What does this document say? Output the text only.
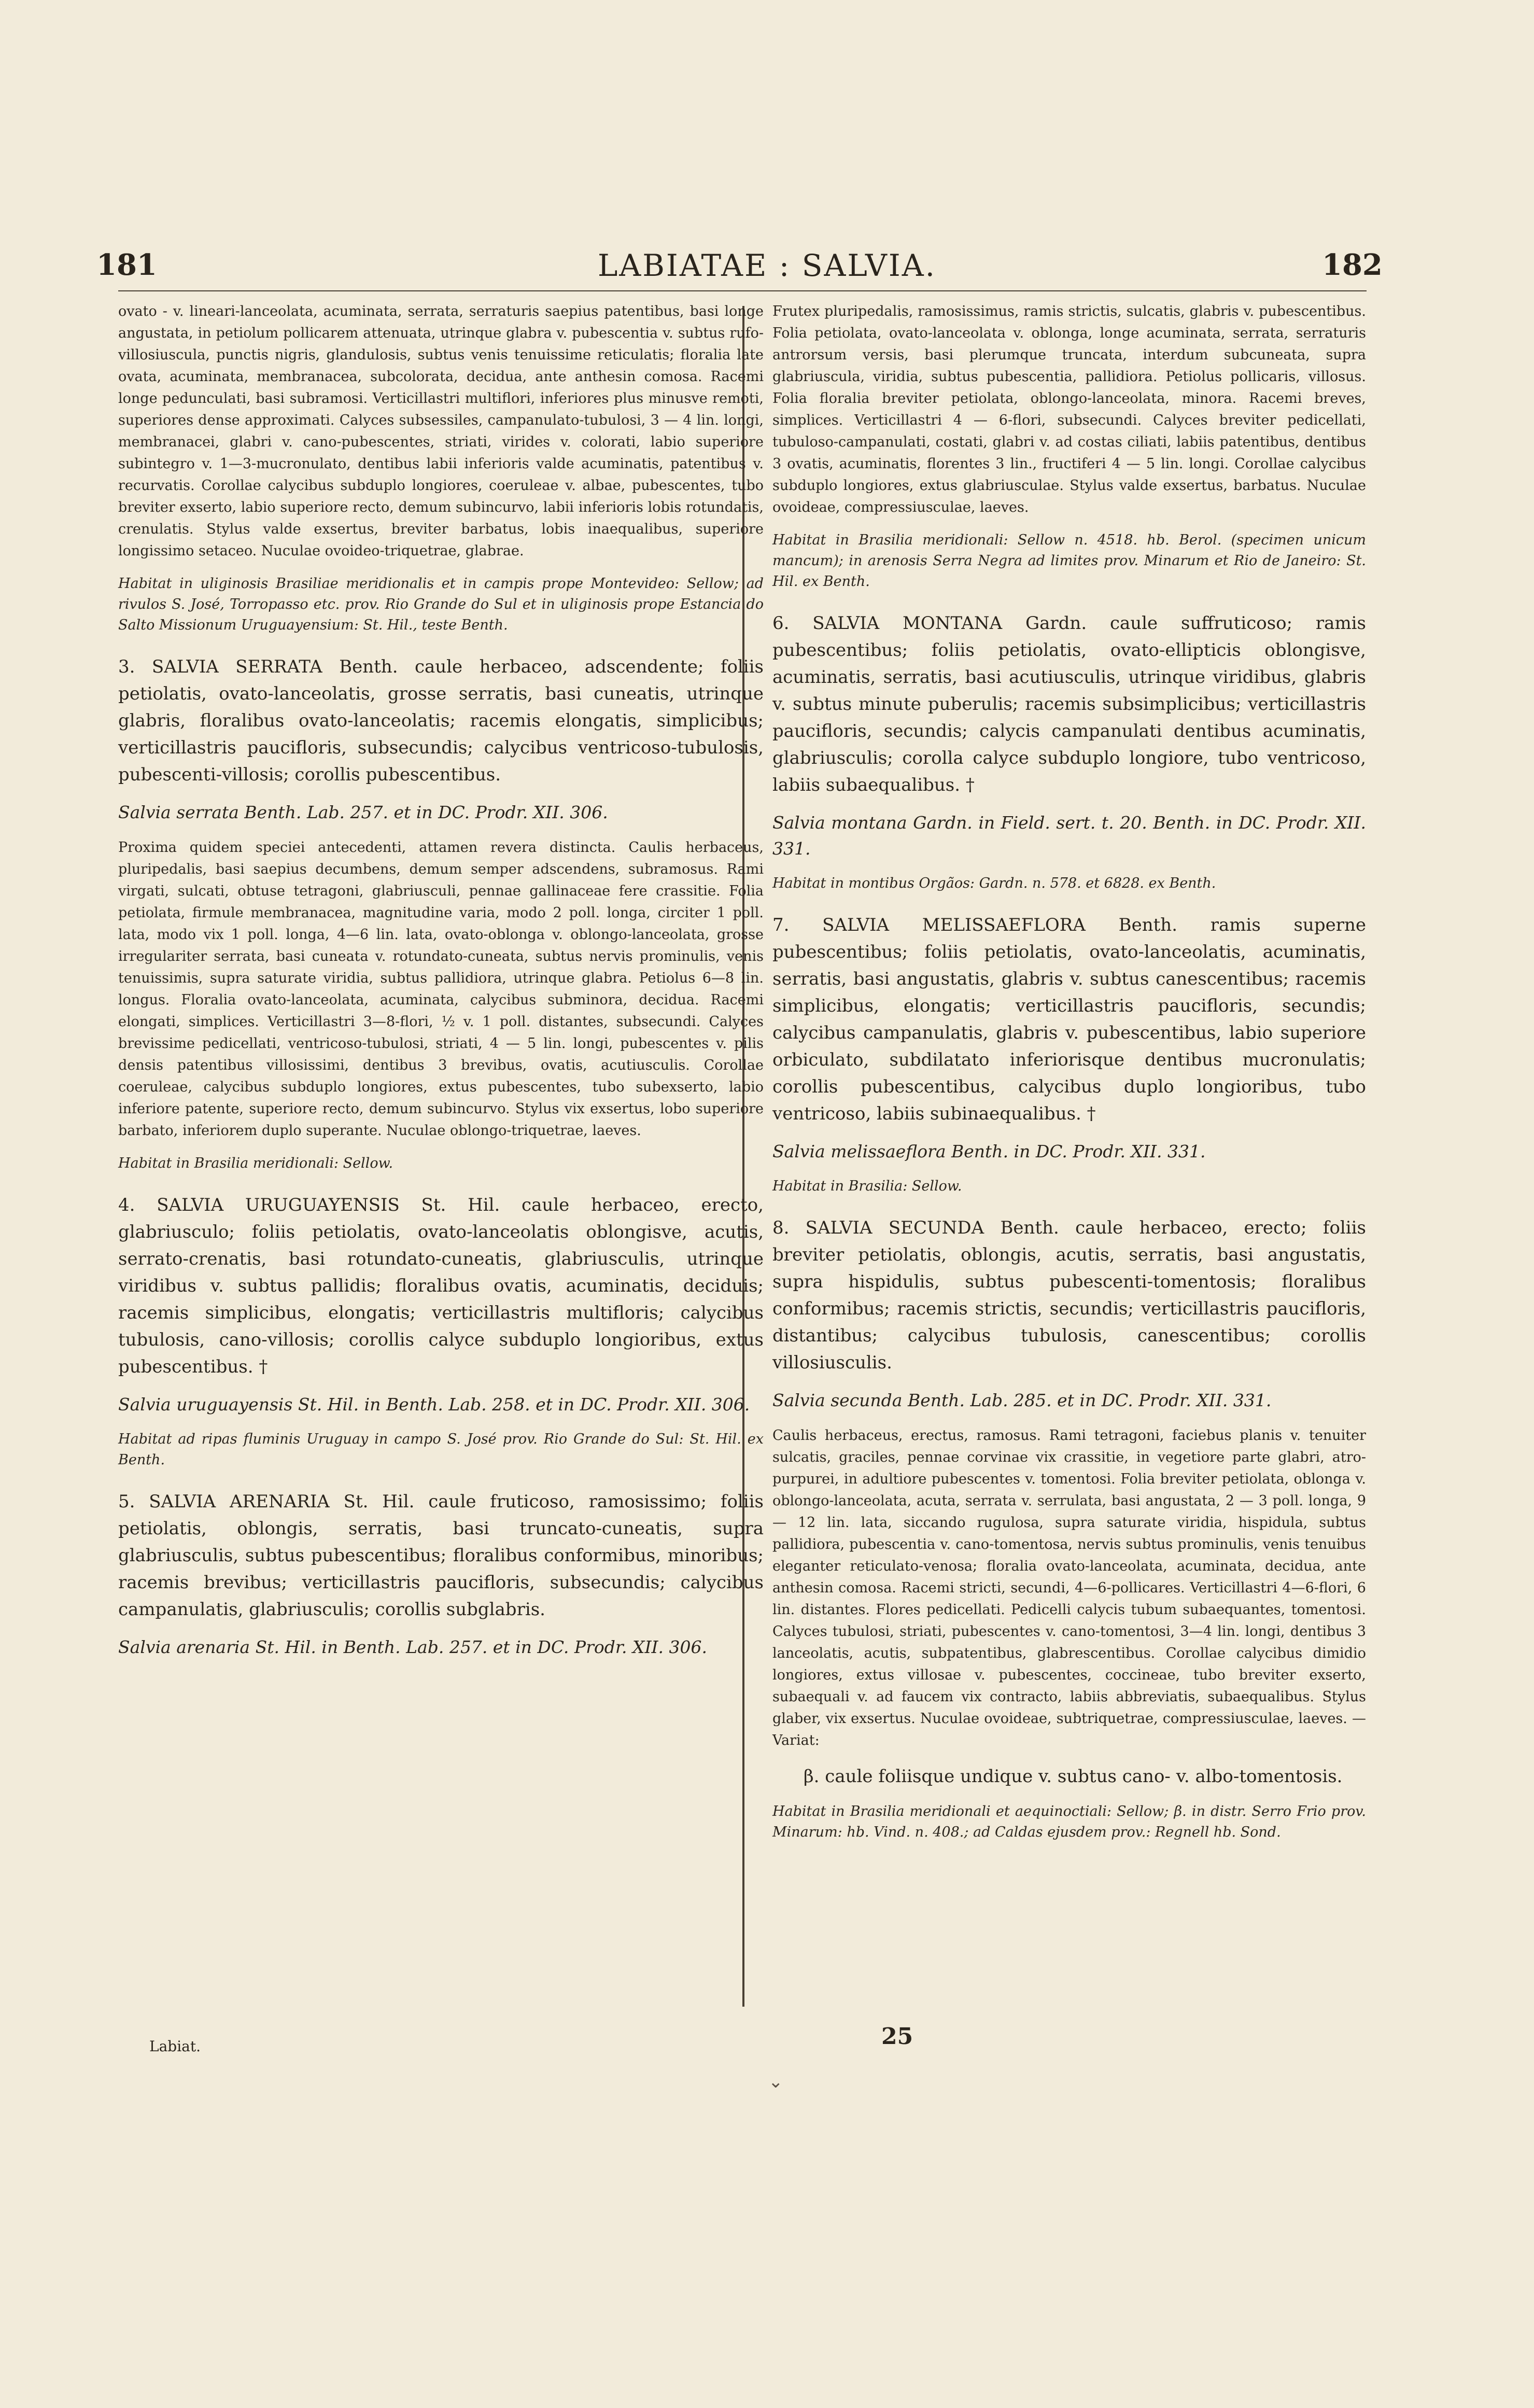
181	LABIATAE : SALVIA.	182

ovato - v. lineari-lanceolata, acuminata, serrata, serraturis saepius patentibus, basi longe angustata, in petiolum pollicarem attenuata, utrinque glabra v. pubescentia v. subtus rufo-villosiuscula, punctis nigris, glandulosis, subtus venis tenuissime reticulatis; floralia late ovata, acuminata, membranacea, subcolorata, decidua, ante anthesin comosa. Racemi longe pedunculati, basi subramosi. Verticillastri multiflori, inferiores plus minusve remoti, superiores dense approximati. Calyces subsessiles, campanulato-tubulosi, 3 — 4 lin. longi, membranacei, glabri v. cano-pubescentes, striati, virides v. colorati, labio superiore subintegro v. 1—3-mucronulato, dentibus labii inferioris valde acuminatis, patentibus v. recurvatis. Corollae calycibus subduplo longiores, coeruleae v. albae, pubescentes, tubo breviter exserto, labio superiore recto, demum subincurvo, labii inferioris lobis rotundatis, crenulatis. Stylus valde exsertus, breviter barbatus, lobis inaequalibus, superiore longissimo setaceo. Nuculae ovoideo-triquetrae, glabrae.

Habitat in uliginosis Brasiliae meridionalis et in campis prope Montevideo: Sellow; ad rivulos S. José, Torropasso etc. prov. Rio Grande do Sul et in uliginosis prope Estancia do Salto Missionum Uruguayensium: St. Hil., teste Benth.

3. SALVIA SERRATA Benth. caule herbaceo, adscendente; foliis petiolatis, ovato-lanceolatis, grosse serratis, basi cuneatis, utrinque glabris, floralibus ovato-lanceolatis; racemis elongatis, simplicibus; verticillastris paucifloris, subsecundis; calycibus ventricoso-tubulosis, pubescenti-villosis; corollis pubescentibus.

Salvia serrata Benth. Lab. 257. et in DC. Prodr. XII. 306.

Proxima quidem speciei antecedenti, attamen revera distincta. Caulis herbaceus, pluripedalis, basi saepius decumbens, demum semper adscendens, subramosus. Rami virgati, sulcati, obtuse tetragoni, glabriusculi, pennae gallinaceae fere crassitie. Folia petiolata, firmule membranacea, magnitudine varia, modo 2 poll. longa, circiter 1 poll. lata, modo vix 1 poll. longa, 4—6 lin. lata, ovato-oblonga v. oblongo-lanceolata, grosse irregulariter serrata, basi cuneata v. rotundato-cuneata, subtus nervis prominulis, venis tenuissimis, supra saturate viridia, subtus pallidiora, utrinque glabra. Petiolus 6—8 lin. longus. Floralia ovato-lanceolata, acuminata, calycibus subminora, decidua. Racemi elongati, simplices. Verticillastri 3—8-flori, ½ v. 1 poll. distantes, subsecundi. Calyces brevissime pedicellati, ventricoso-tubulosi, striati, 4 — 5 lin. longi, pubescentes v. pilis densis patentibus villosissimi, dentibus 3 brevibus, ovatis, acutiusculis. Corollae coeruleae, calycibus subduplo longiores, extus pubescentes, tubo subexserto, labio inferiore patente, superiore recto, demum subincurvo. Stylus vix exsertus, lobo superiore barbato, inferiorem duplo superante. Nuculae oblongo-triquetrae, laeves.

Habitat in Brasilia meridionali: Sellow.

4. SALVIA URUGUAYENSIS St. Hil. caule herbaceo, erecto, glabriusculo; foliis petiolatis, ovato-lanceolatis oblongisve, acutis, serrato-crenatis, basi rotundato-cuneatis, glabriusculis, utrinque viridibus v. subtus pallidis; floralibus ovatis, acuminatis, deciduis; racemis simplicibus, elongatis; verticillastris multifloris; calycibus tubulosis, cano-villosis; corollis calyce subduplo longioribus, extus pubescentibus. †

Salvia uruguayensis St. Hil. in Benth. Lab. 258. et in DC. Prodr. XII. 306.

Habitat ad ripas fluminis Uruguay in campo S. José prov. Rio Grande do Sul: St. Hil. ex Benth.

5. SALVIA ARENARIA St. Hil. caule fruticoso, ramosissimo; foliis petiolatis, oblongis, serratis, basi truncato-cuneatis, supra glabriusculis, subtus pubescentibus; floralibus conformibus, minoribus; racemis brevibus; verticillastris paucifloris, subsecundis; calycibus campanulatis, glabriusculis; corollis subglabris.

Salvia arenaria St. Hil. in Benth. Lab. 257. et in DC. Prodr. XII. 306.

Frutex pluripedalis, ramosissimus, ramis strictis, sulcatis, glabris v. pubescentibus. Folia petiolata, ovato-lanceolata v. oblonga, longe acuminata, serrata, serraturis antrorsum versis, basi plerumque truncata, interdum subcuneata, supra glabriuscula, viridia, subtus pubescentia, pallidiora. Petiolus pollicaris, villosus. Folia floralia breviter petiolata, oblongo-lanceolata, minora. Racemi breves, simplices. Verticillastri 4 — 6-flori, subsecundi. Calyces breviter pedicellati, tubuloso-campanulati, costati, glabri v. ad costas ciliati, labiis patentibus, dentibus 3 ovatis, acuminatis, florentes 3 lin., fructiferi 4 — 5 lin. longi. Corollae calycibus subduplo longiores, extus glabriusculae. Stylus valde exsertus, barbatus. Nuculae ovoideae, compressiusculae, laeves.

Habitat in Brasilia meridionali: Sellow n. 4518. hb. Berol. (specimen unicum mancum); in arenosis Serra Negra ad limites prov. Minarum et Rio de Janeiro: St. Hil. ex Benth.

6. SALVIA MONTANA Gardn. caule suffruticoso; ramis pubescentibus; foliis petiolatis, ovato-ellipticis oblongisve, acuminatis, serratis, basi acutiusculis, utrinque viridibus, glabris v. subtus minute puberulis; racemis subsimplicibus; verticillastris paucifloris, secundis; calycis campanulati dentibus acuminatis, glabriusculis; corolla calyce subduplo longiore, tubo ventricoso, labiis subaequalibus. †

Salvia montana Gardn. in Field. sert. t. 20. Benth. in DC. Prodr. XII. 331.

Habitat in montibus Orgãos: Gardn. n. 578. et 6828. ex Benth.

7. SALVIA MELISSAEFLORA Benth. ramis superne pubescentibus; foliis petiolatis, ovato-lanceolatis, acuminatis, serratis, basi angustatis, glabris v. subtus canescentibus; racemis simplicibus, elongatis; verticillastris paucifloris, secundis; calycibus campanulatis, glabris v. pubescentibus, labio superiore orbiculato, subdilatato inferiorisque dentibus mucronulatis; corollis pubescentibus, calycibus duplo longioribus, tubo ventricoso, labiis subinaequalibus. †

Salvia melissaeflora Benth. in DC. Prodr. XII. 331.

Habitat in Brasilia: Sellow.

8. SALVIA SECUNDA Benth. caule herbaceo, erecto; foliis breviter petiolatis, oblongis, acutis, serratis, basi angustatis, supra hispidulis, subtus pubescenti-tomentosis; floralibus conformibus; racemis strictis, secundis; verticillastris paucifloris, distantibus; calycibus tubulosis, canescentibus; corollis villosiusculis.

Salvia secunda Benth. Lab. 285. et in DC. Prodr. XII. 331.

Caulis herbaceus, erectus, ramosus. Rami tetragoni, faciebus planis v. tenuiter sulcatis, graciles, pennae corvinae vix crassitie, in vegetiore parte glabri, atro-purpurei, in adultiore pubescentes v. tomentosi. Folia breviter petiolata, oblonga v. oblongo-lanceolata, acuta, serrata v. serrulata, basi angustata, 2 — 3 poll. longa, 9 — 12 lin. lata, siccando rugulosa, supra saturate viridia, hispidula, subtus pallidiora, pubescentia v. cano-tomentosa, nervis subtus prominulis, venis tenuibus eleganter reticulato-venosa; floralia ovato-lanceolata, acuminata, decidua, ante anthesin comosa. Racemi stricti, secundi, 4—6-pollicares. Verticillastri 4—6-flori, 6 lin. distantes. Flores pedicellati. Pedicelli calycis tubum subaequantes, tomentosi. Calyces tubulosi, striati, pubescentes v. cano-tomentosi, 3—4 lin. longi, dentibus 3 lanceolatis, acutis, subpatentibus, glabrescentibus. Corollae calycibus dimidio longiores, extus villosae v. pubescentes, coccineae, tubo breviter exserto, subaequali v. ad faucem vix contracto, labiis abbreviatis, subaequalibus. Stylus glaber, vix exsertus. Nuculae ovoideae, subtriquetrae, compressiusculae, laeves. — Variat:

β. caule foliisque undique v. subtus cano- v. albo-tomentosis.

Habitat in Brasilia meridionali et aequinoctiali: Sellow; β. in distr. Serro Frio prov. Minarum: hb. Vind. n. 408.; ad Caldas ejusdem prov.: Regnell hb. Sond.

Labiat.	25
⌄
